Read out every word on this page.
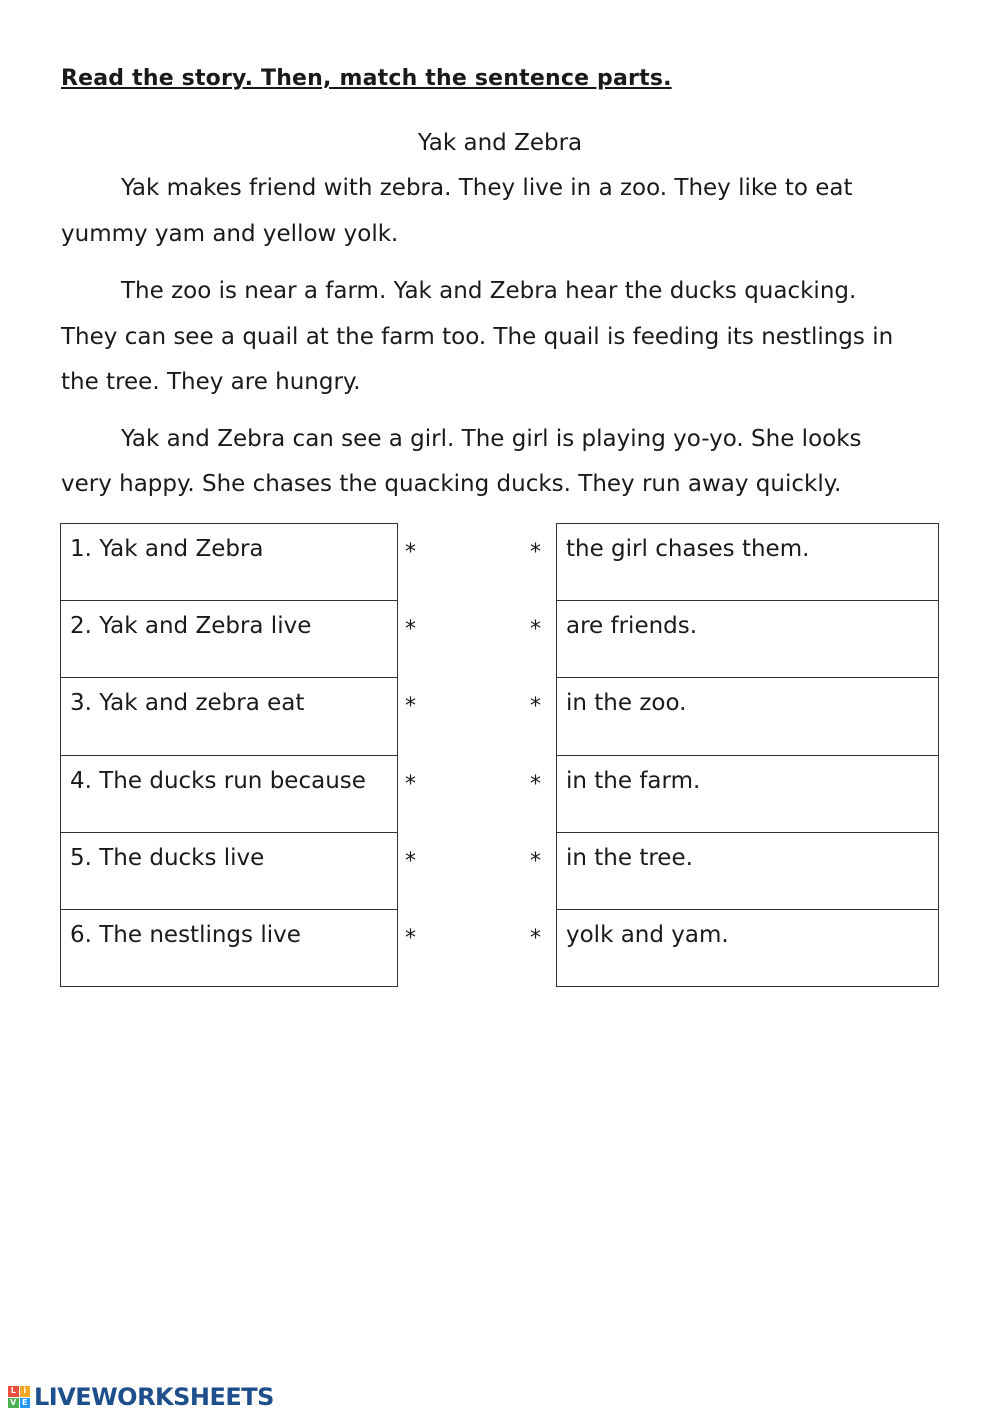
Read the story. Then, match the sentence parts.
Yak and Zebra
Yak makes friend with zebra. They live in a zoo. They like to eat
yummy yam and yellow yolk.
The zoo is near a farm. Yak and Zebra hear the ducks quacking.
They can see a quail at the farm too. The quail is feeding its nestlings in
the tree. They are hungry.
Yak and Zebra can see a girl. The girl is playing yo-yo. She looks
very happy. She chases the quacking ducks. They run away quickly.
1. Yak and Zebra
2. Yak and Zebra live
3. Yak and zebra eat
4. The ducks run because
5. The ducks live
6. The nestlings live
*
*
*
*
*
*
*
*
*
*
*
*
the girl chases them.
are friends.
in the zoo.
in the farm.
in the tree.
yolk and yam.
L i
V E LIVEWORKSHEETS
